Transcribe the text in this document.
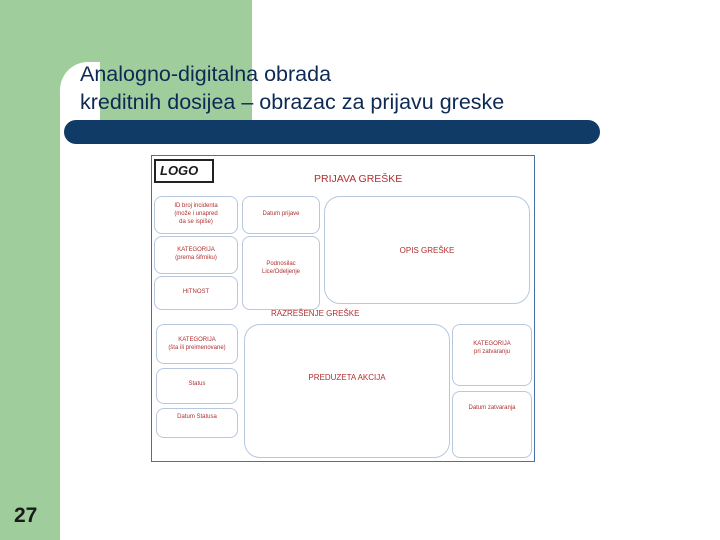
Analogno-digitalna obrada
kreditnih dosijea – obrazac za prijavu greske
27
LOGO
PRIJAVA GREŠKE
ID broj incidenta
(može i unapred
da se ispiše)
KATEGORIJA
(prema šifrniku)
HITNOST
Datum prijave
Podnosilac
Lice/Odeljenje
OPIS GREŠKE
RAZREŠENJE GREŠKE
KATEGORIJA
(šta ili preimenovane)
Status
Datum Statusa
PREDUZETA AKCIJA
KATEGORIJA
pri zatvaranju
Datum zatvaranja
